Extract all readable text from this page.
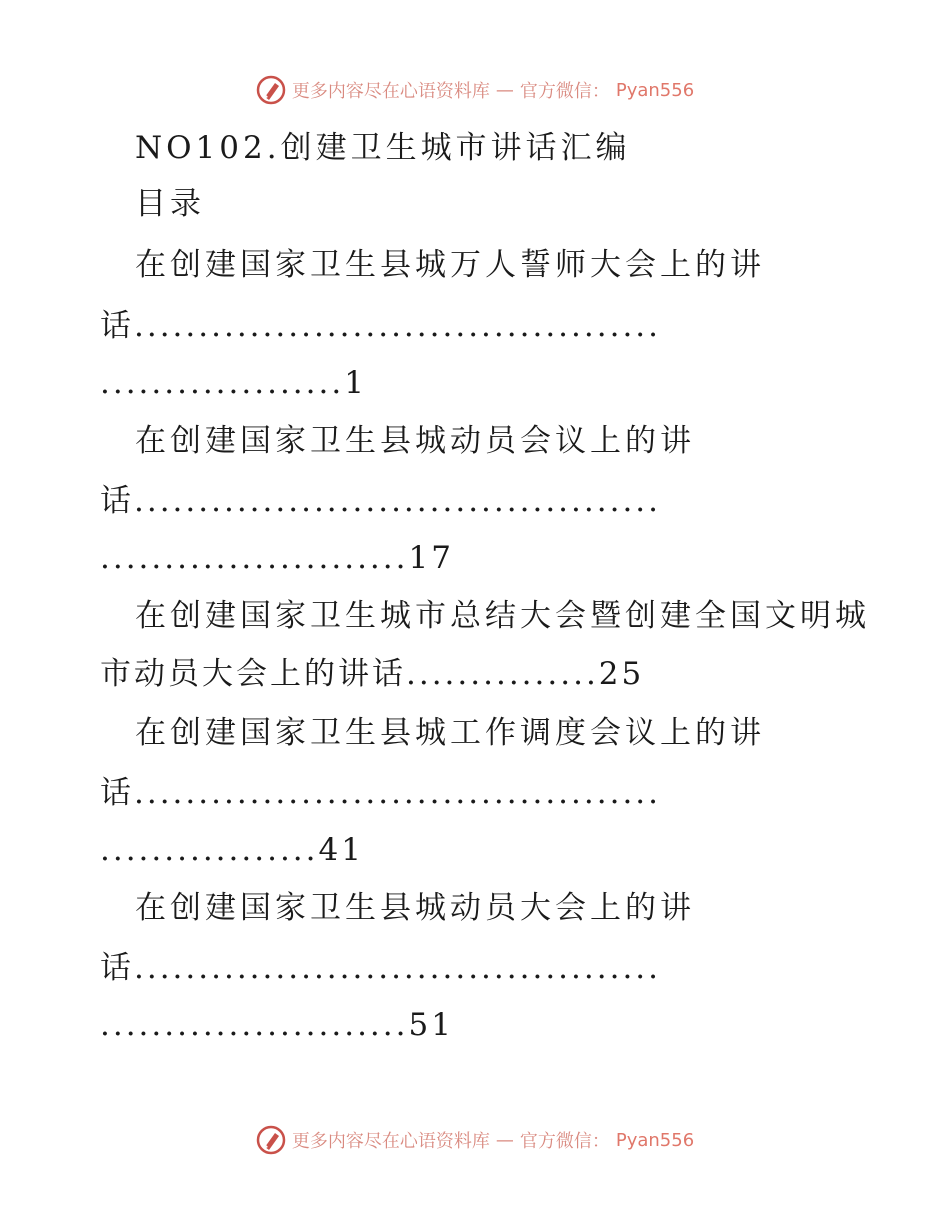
更多内容尽在心语资料库 — 官方微信： Pyan556
NO102.创建卫生城市讲话汇编
目录
在创建国家卫生县城万人誓师大会上的讲
话.........................................
...................1
在创建国家卫生县城动员会议上的讲
话.........................................
........................17
在创建国家卫生城市总结大会暨创建全国文明城
市动员大会上的讲话...............25
在创建国家卫生县城工作调度会议上的讲
话.........................................
.................41
在创建国家卫生县城动员大会上的讲
话.........................................
........................51
更多内容尽在心语资料库 — 官方微信： Pyan556
